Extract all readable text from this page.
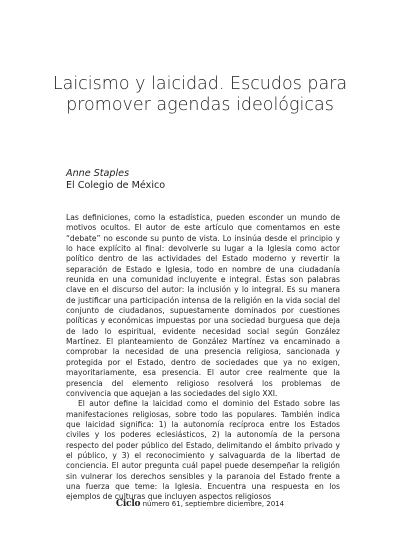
Laicismo y laicidad. Escudos para
promover agendas ideológicas
Anne Staples
El Colegio de México

Las definiciones, como la estadística, pueden esconder un mundo de motivos ocultos. El autor de este artículo que comentamos en este “debate” no esconde su punto de vista. Lo insinúa desde el principio y lo hace explícito al final: devolverle su lugar a la Iglesia como actor político dentro de las actividades del Estado moderno y revertir la separación de Estado e Iglesia, todo en nombre de una ciudadanía reunida en una comunidad incluyente e integral. Éstas son palabras clave en el discurso del autor: la inclusión y lo integral. Es su manera de justificar una participación intensa de la religión en la vida social del conjunto de ciudadanos, supuestamente dominados por cuestiones políticas y económicas impuestas por una sociedad burguesa que deja de lado lo espiritual, evidente necesidad social según González Martínez. El planteamiento de González Martínez va encaminado a comprobar la necesidad de una presencia religiosa, sancionada y protegida por el Estado, dentro de sociedades que ya no exigen, mayoritariamente, esa presencia. El autor cree realmente que la presencia del elemento religioso resolverá los problemas de convivencia que aquejan a las sociedades del siglo XXI.

El autor define la laicidad como el dominio del Estado sobre las manifestaciones religiosas, sobre todo las populares. También indica que laicidad significa: 1) la autonomía recíproca entre los Estados civiles y los poderes eclesiásticos, 2) la autonomía de la persona respecto del poder público del Estado, delimitando el ámbito privado y el público, y 3) el reconocimiento y salvaguarda de la libertad de conciencia. El autor pregunta cuál papel puede desempeñar la religión sin vulnerar los derechos sensibles y la paranoia del Estado frente a una fuerza que teme: la Iglesia. Encuentra una respuesta en los ejemplos de culturas que incluyen aspectos religiosos

Ciclo número 61, septiembre diciembre, 2014
